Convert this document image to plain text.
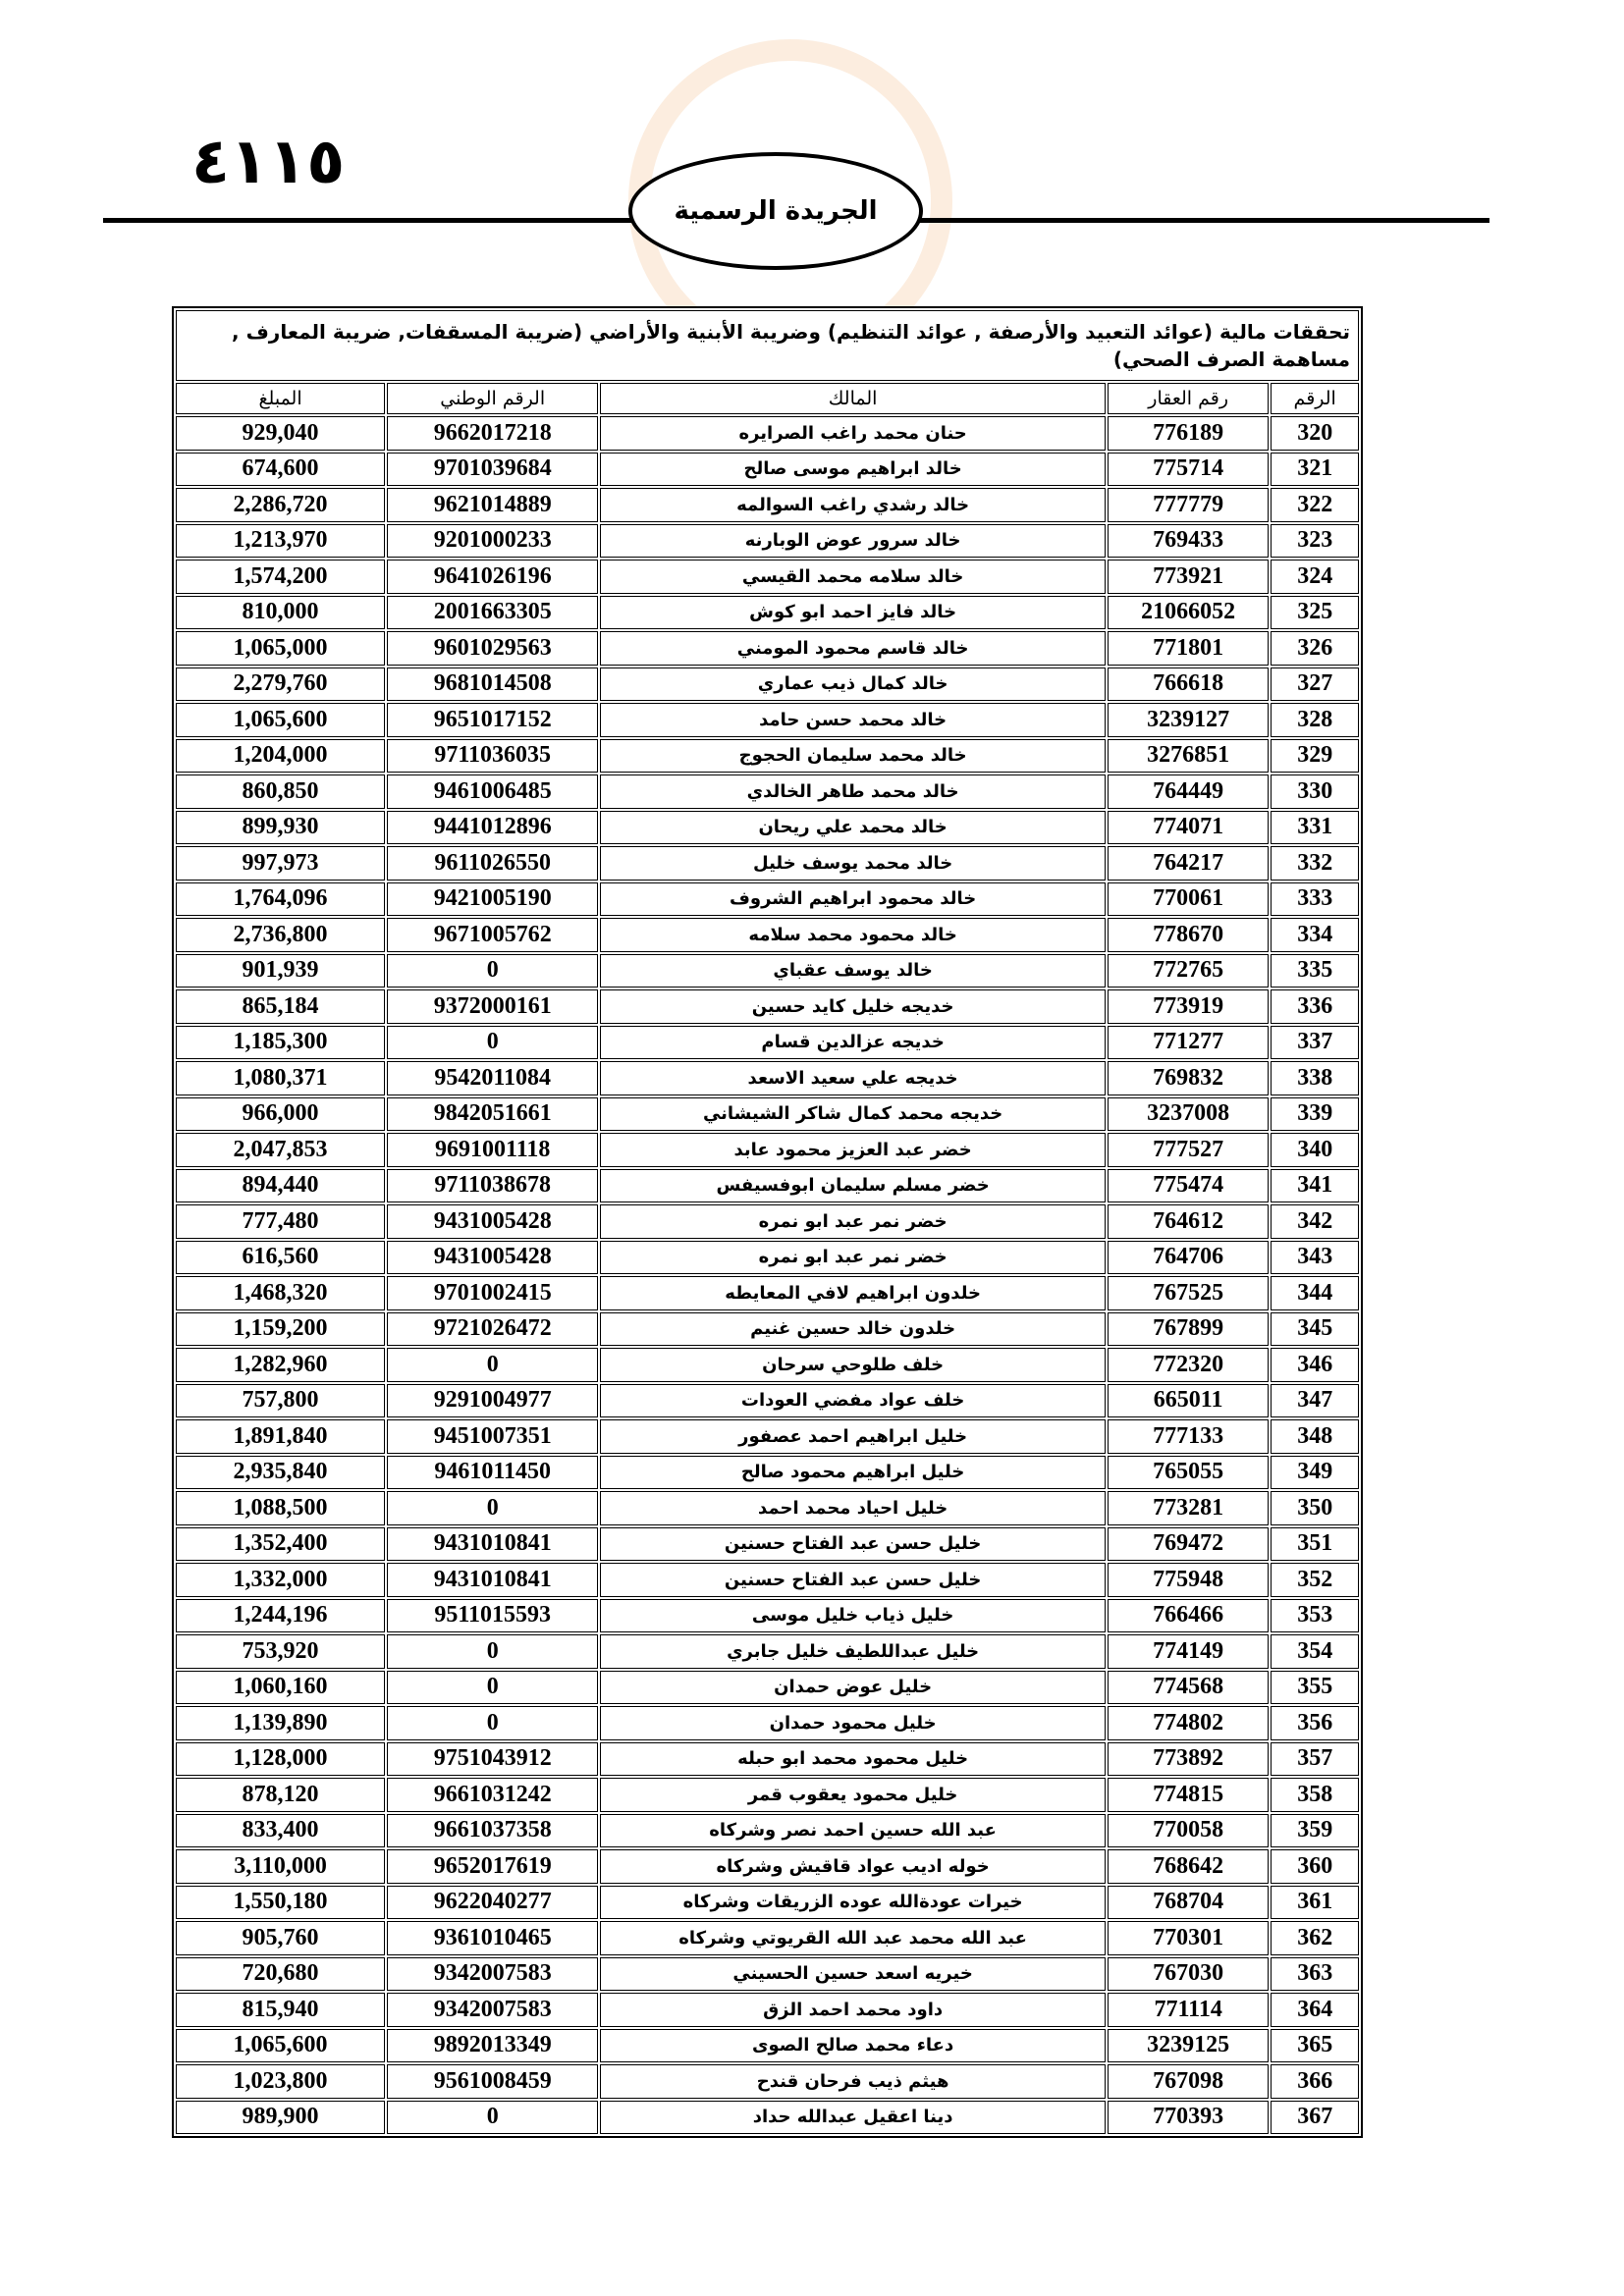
٤١١٥
الجريدة الرسمية
تحققات مالية (عوائد التعبيد والأرصفة , عوائد التنظيم) وضريبة الأبنية والأراضي (ضريبة المسقفات, ضريبة المعارف , مساهمة الصرف الصحي)				
الرقم	رقم العقار	المالك	الرقم الوطني	المبلغ
320	776189	حنان محمد راغب الصرايره	9662017218	929,040
321	775714	خالد ابراهيم موسى صالح	9701039684	674,600
322	777779	خالد رشدي راغب السوالمه	9621014889	2,286,720
323	769433	خالد سرور عوض الوبارنه	9201000233	1,213,970
324	773921	خالد سلامه محمد القيسي	9641026196	1,574,200
325	21066052	خالد فايز احمد ابو كوش	2001663305	810,000
326	771801	خالد قاسم محمود المومني	9601029563	1,065,000
327	766618	خالد كمال ذيب عماري	9681014508	2,279,760
328	3239127	خالد محمد حسن حامد	9651017152	1,065,600
329	3276851	خالد محمد سليمان الحجوج	9711036035	1,204,000
330	764449	خالد محمد طاهر الخالدي	9461006485	860,850
331	774071	خالد محمد علي ريحان	9441012896	899,930
332	764217	خالد محمد يوسف خليل	9611026550	997,973
333	770061	خالد محمود ابراهيم الشروف	9421005190	1,764,096
334	778670	خالد محمود محمد سلامه	9671005762	2,736,800
335	772765	خالد يوسف عقباي	0	901,939
336	773919	خديجه خليل كايد حسين	9372000161	865,184
337	771277	خديجه عزالدين قسام	0	1,185,300
338	769832	خديجه علي سعيد الاسعد	9542011084	1,080,371
339	3237008	خديجه محمد كمال شاكر الشيشاني	9842051661	966,000
340	777527	خضر عبد العزيز محمود عابد	9691001118	2,047,853
341	775474	خضر مسلم سليمان ابوفسيفس	9711038678	894,440
342	764612	خضر نمر عبد ابو نمره	9431005428	777,480
343	764706	خضر نمر عبد ابو نمره	9431005428	616,560
344	767525	خلدون ابراهيم لافي المعايطه	9701002415	1,468,320
345	767899	خلدون خالد حسين غنيم	9721026472	1,159,200
346	772320	خلف طلوحي سرحان	0	1,282,960
347	665011	خلف عواد مفضي العودات	9291004977	757,800
348	777133	خليل ابراهيم احمد عصفور	9451007351	1,891,840
349	765055	خليل ابراهيم محمود صالح	9461011450	2,935,840
350	773281	خليل احياد محمد احمد	0	1,088,500
351	769472	خليل حسن عبد الفتاح حسنين	9431010841	1,352,400
352	775948	خليل حسن عبد الفتاح حسنين	9431010841	1,332,000
353	766466	خليل ذياب خليل موسى	9511015593	1,244,196
354	774149	خليل عبداللطيف خليل جابري	0	753,920
355	774568	خليل عوض حمدان	0	1,060,160
356	774802	خليل محمود حمدان	0	1,139,890
357	773892	خليل محمود محمد ابو حبله	9751043912	1,128,000
358	774815	خليل محمود يعقوب قمر	9661031242	878,120
359	770058	عبد الله حسين احمد نصر وشركاه	9661037358	833,400
360	768642	خوله اديب عواد قاقيش وشركاه	9652017619	3,110,000
361	768704	خيرات عودةالله عوده الزريقات وشركاه	9622040277	1,550,180
362	770301	عبد الله محمد عبد الله القريوتي وشركاه	9361010465	905,760
363	767030	خيريه اسعد حسين الحسيني	9342007583	720,680
364	771114	داود محمد احمد الزق	9342007583	815,940
365	3239125	دعاء محمد صالح الصوى	9892013349	1,065,600
366	767098	هيثم ذيب فرحان قندح	9561008459	1,023,800
367	770393	دينا اعقيل عبدالله حداد	0	989,900
